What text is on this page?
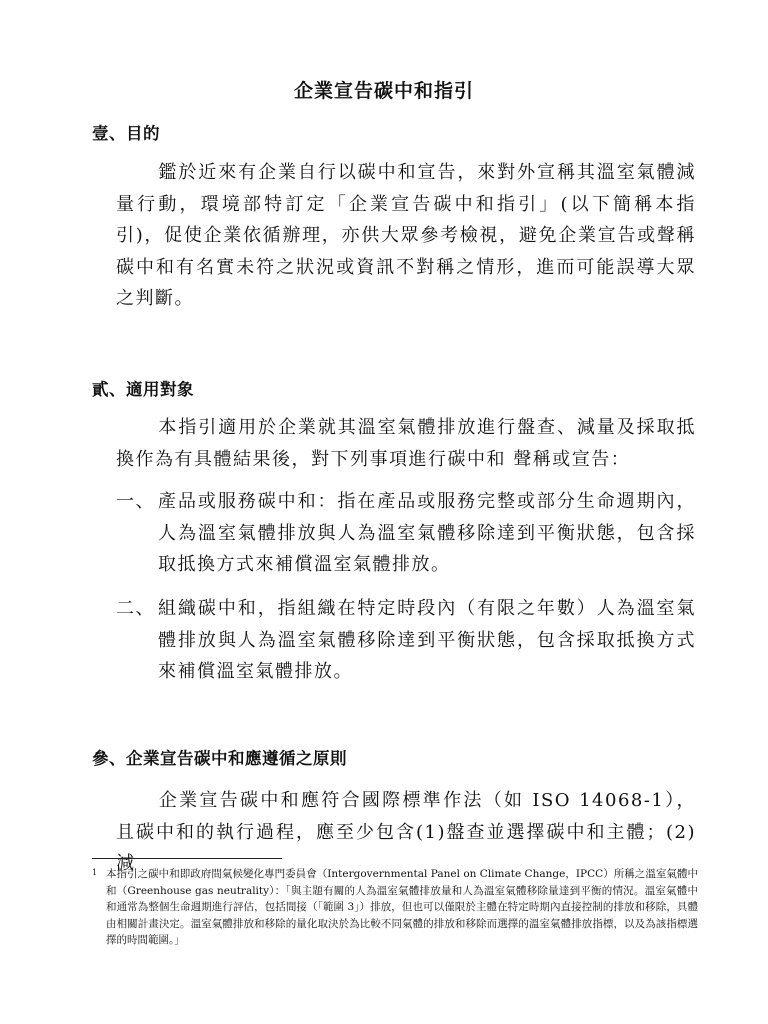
企業宣告碳中和指引
壹、目的

鑑於近來有企業自行以碳中和宣告，來對外宣稱其溫室氣體減量行動，環境部特訂定「企業宣告碳中和指引」(以下簡稱本指引)，促使企業依循辦理，亦供大眾參考檢視，避免企業宣告或聲稱碳中和有名實未符之狀況或資訊不對稱之情形，進而可能誤導大眾之判斷。

貳、適用對象

本指引適用於企業就其溫室氣體排放進行盤查、減量及採取抵換作為有具體結果後，對下列事項進行碳中和 聲稱或宣告：

一、 產品或服務碳中和：指在產品或服務完整或部分生命週期內，人為溫室氣體排放與人為溫室氣體移除達到平衡狀態，包含採取抵換方式來補償溫室氣體排放。
二、 組織碳中和，指組織在特定時段內（有限之年數）人為溫室氣體排放與人為溫室氣體移除達到平衡狀態，包含採取抵換方式來補償溫室氣體排放。
參、企業宣告碳中和應遵循之原則

企業宣告碳中和應符合國際標準作法（如 ISO 14068-1），且碳中和的執行過程，應至少包含(1)盤查並選擇碳中和主體；(2)減

1 本指引之碳中和即政府間氣候變化專門委員會（Intergovernmental Panel on Climate Change，IPCC）所稱之溫室氣體中和（Greenhouse gas neutrality）：「與主題有關的人為溫室氣體排放量和人為溫室氣體移除量達到平衡的情況。溫室氣體中和通常為整個生命週期進行評估，包括間接（「範圍 3」）排放，但也可以僅限於主體在特定時期內直接控制的排放和移除，具體由相關計畫決定。溫室氣體排放和移除的量化取決於為比較不同氣體的排放和移除而選擇的溫室氣體排放指標，以及為該指標選擇的時間範圍。」
